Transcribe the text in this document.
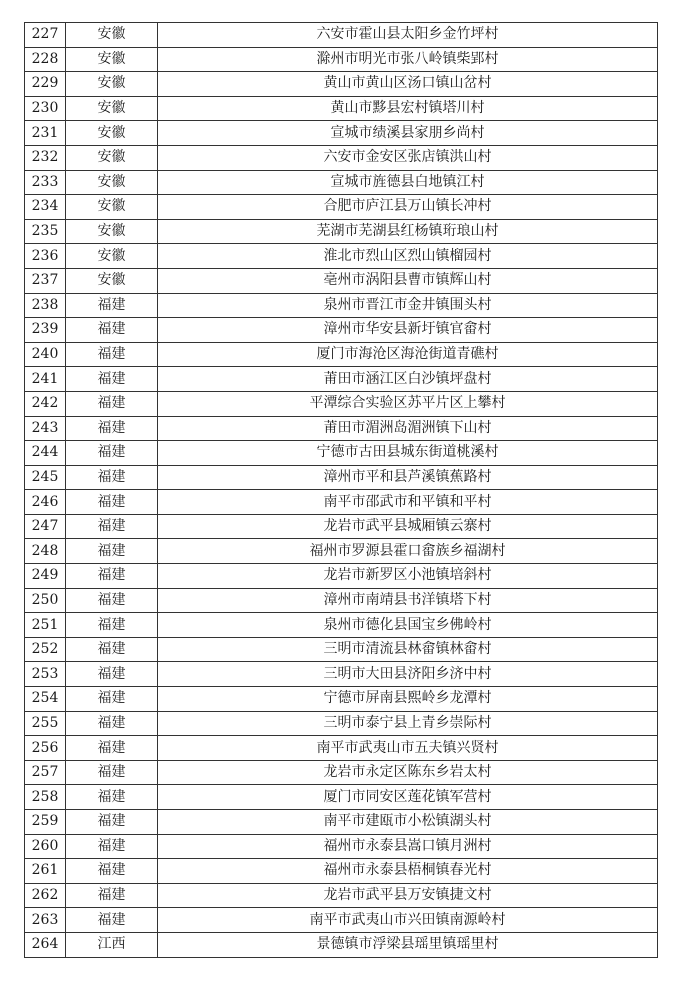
227	安徽	六安市霍山县太阳乡金竹坪村
228	安徽	滁州市明光市张八岭镇柴郢村
229	安徽	黄山市黄山区汤口镇山岔村
230	安徽	黄山市黟县宏村镇塔川村
231	安徽	宣城市绩溪县家朋乡尚村
232	安徽	六安市金安区张店镇洪山村
233	安徽	宣城市旌德县白地镇江村
234	安徽	合肥市庐江县万山镇长冲村
235	安徽	芜湖市芜湖县红杨镇珩琅山村
236	安徽	淮北市烈山区烈山镇榴园村
237	安徽	亳州市涡阳县曹市镇辉山村
238	福建	泉州市晋江市金井镇围头村
239	福建	漳州市华安县新圩镇官畲村
240	福建	厦门市海沧区海沧街道青礁村
241	福建	莆田市涵江区白沙镇坪盘村
242	福建	平潭综合实验区苏平片区上攀村
243	福建	莆田市湄洲岛湄洲镇下山村
244	福建	宁德市古田县城东街道桃溪村
245	福建	漳州市平和县芦溪镇蕉路村
246	福建	南平市邵武市和平镇和平村
247	福建	龙岩市武平县城厢镇云寨村
248	福建	福州市罗源县霍口畲族乡福湖村
249	福建	龙岩市新罗区小池镇培斜村
250	福建	漳州市南靖县书洋镇塔下村
251	福建	泉州市德化县国宝乡佛岭村
252	福建	三明市清流县林畲镇林畲村
253	福建	三明市大田县济阳乡济中村
254	福建	宁德市屏南县熙岭乡龙潭村
255	福建	三明市泰宁县上青乡崇际村
256	福建	南平市武夷山市五夫镇兴贤村
257	福建	龙岩市永定区陈东乡岩太村
258	福建	厦门市同安区莲花镇军营村
259	福建	南平市建瓯市小松镇湖头村
260	福建	福州市永泰县嵩口镇月洲村
261	福建	福州市永泰县梧桐镇春光村
262	福建	龙岩市武平县万安镇捷文村
263	福建	南平市武夷山市兴田镇南源岭村
264	江西	景德镇市浮梁县瑶里镇瑶里村
